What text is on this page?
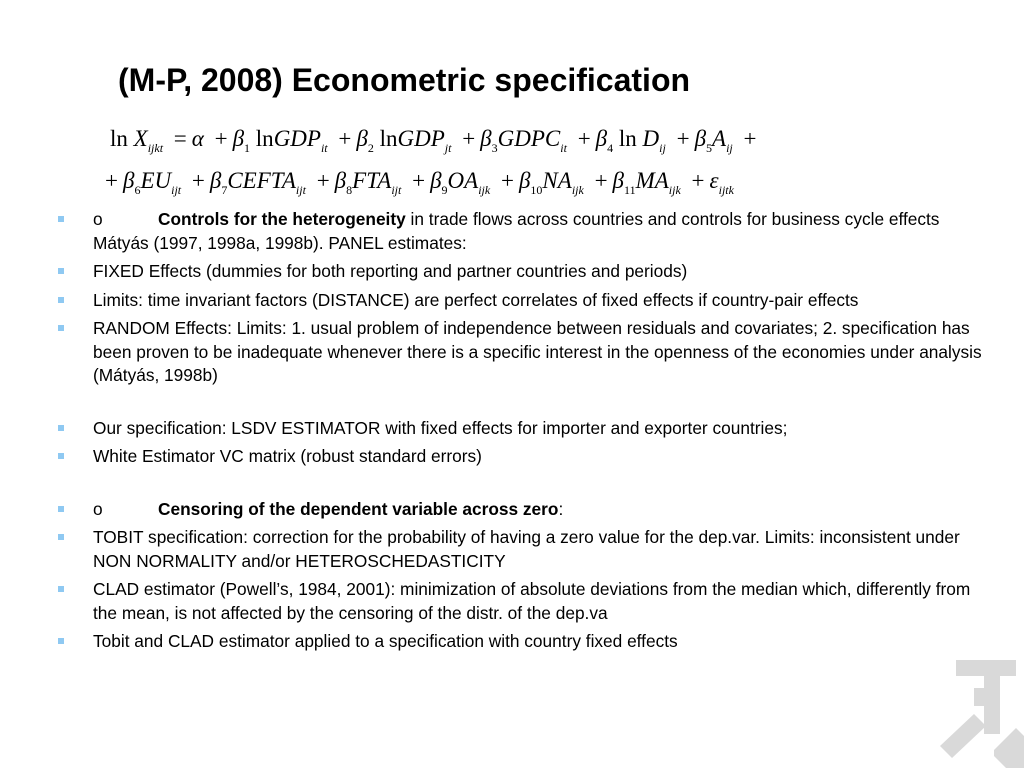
(M-P, 2008) Econometric specification
$\ln X_{ijkt} = \alpha + \beta_1$ lnGDP$_{it}$ + $\beta_2$ lnGDP$_{jt}$ + $\beta_3GDPC_{it} + \beta_4$ $\ln D_{ij} + \beta_5A_{ij}$ +
+ $\beta_6EU_{ijt}$ + $\beta_7CEFTA_{ijt} + \beta_8FTA_{ijt} + \beta_9OA_{ijk} + \beta_{10}NA_{ijk} + \beta_{11}MA_{ijk} + \varepsilon_{ijtk}$
o	Controls for the heterogeneity in trade flows across countries and controls for business cycle effects Mátyás (1997, 1998a, 1998b). PANEL estimates:
FIXED Effects (dummies for both reporting and partner countries and periods)
Limits: time invariant factors (DISTANCE) are perfect correlates of fixed effects if country-pair effects
RANDOM Effects: Limits: 1. usual problem of independence between residuals and covariates; 2. specification has been proven to be inadequate whenever there is a specific interest in the openness of the economies under analysis (Mátyás, 1998b)
Our specification: LSDV ESTIMATOR with fixed effects for importer and exporter countries;
White Estimator VC matrix (robust standard errors)
o	Censoring of the dependent variable across zero:
TOBIT specification: correction for the probability of having a zero value for the dep.var. Limits: inconsistent under NON NORMALITY and/or HETEROSCHEDASTICITY
CLAD estimator (Powell’s, 1984, 2001): minimization of absolute deviations from the median which, differently from the mean, is not affected by the censoring of the distr. of the dep.va
Tobit and CLAD estimator applied to a specification with country fixed effects
